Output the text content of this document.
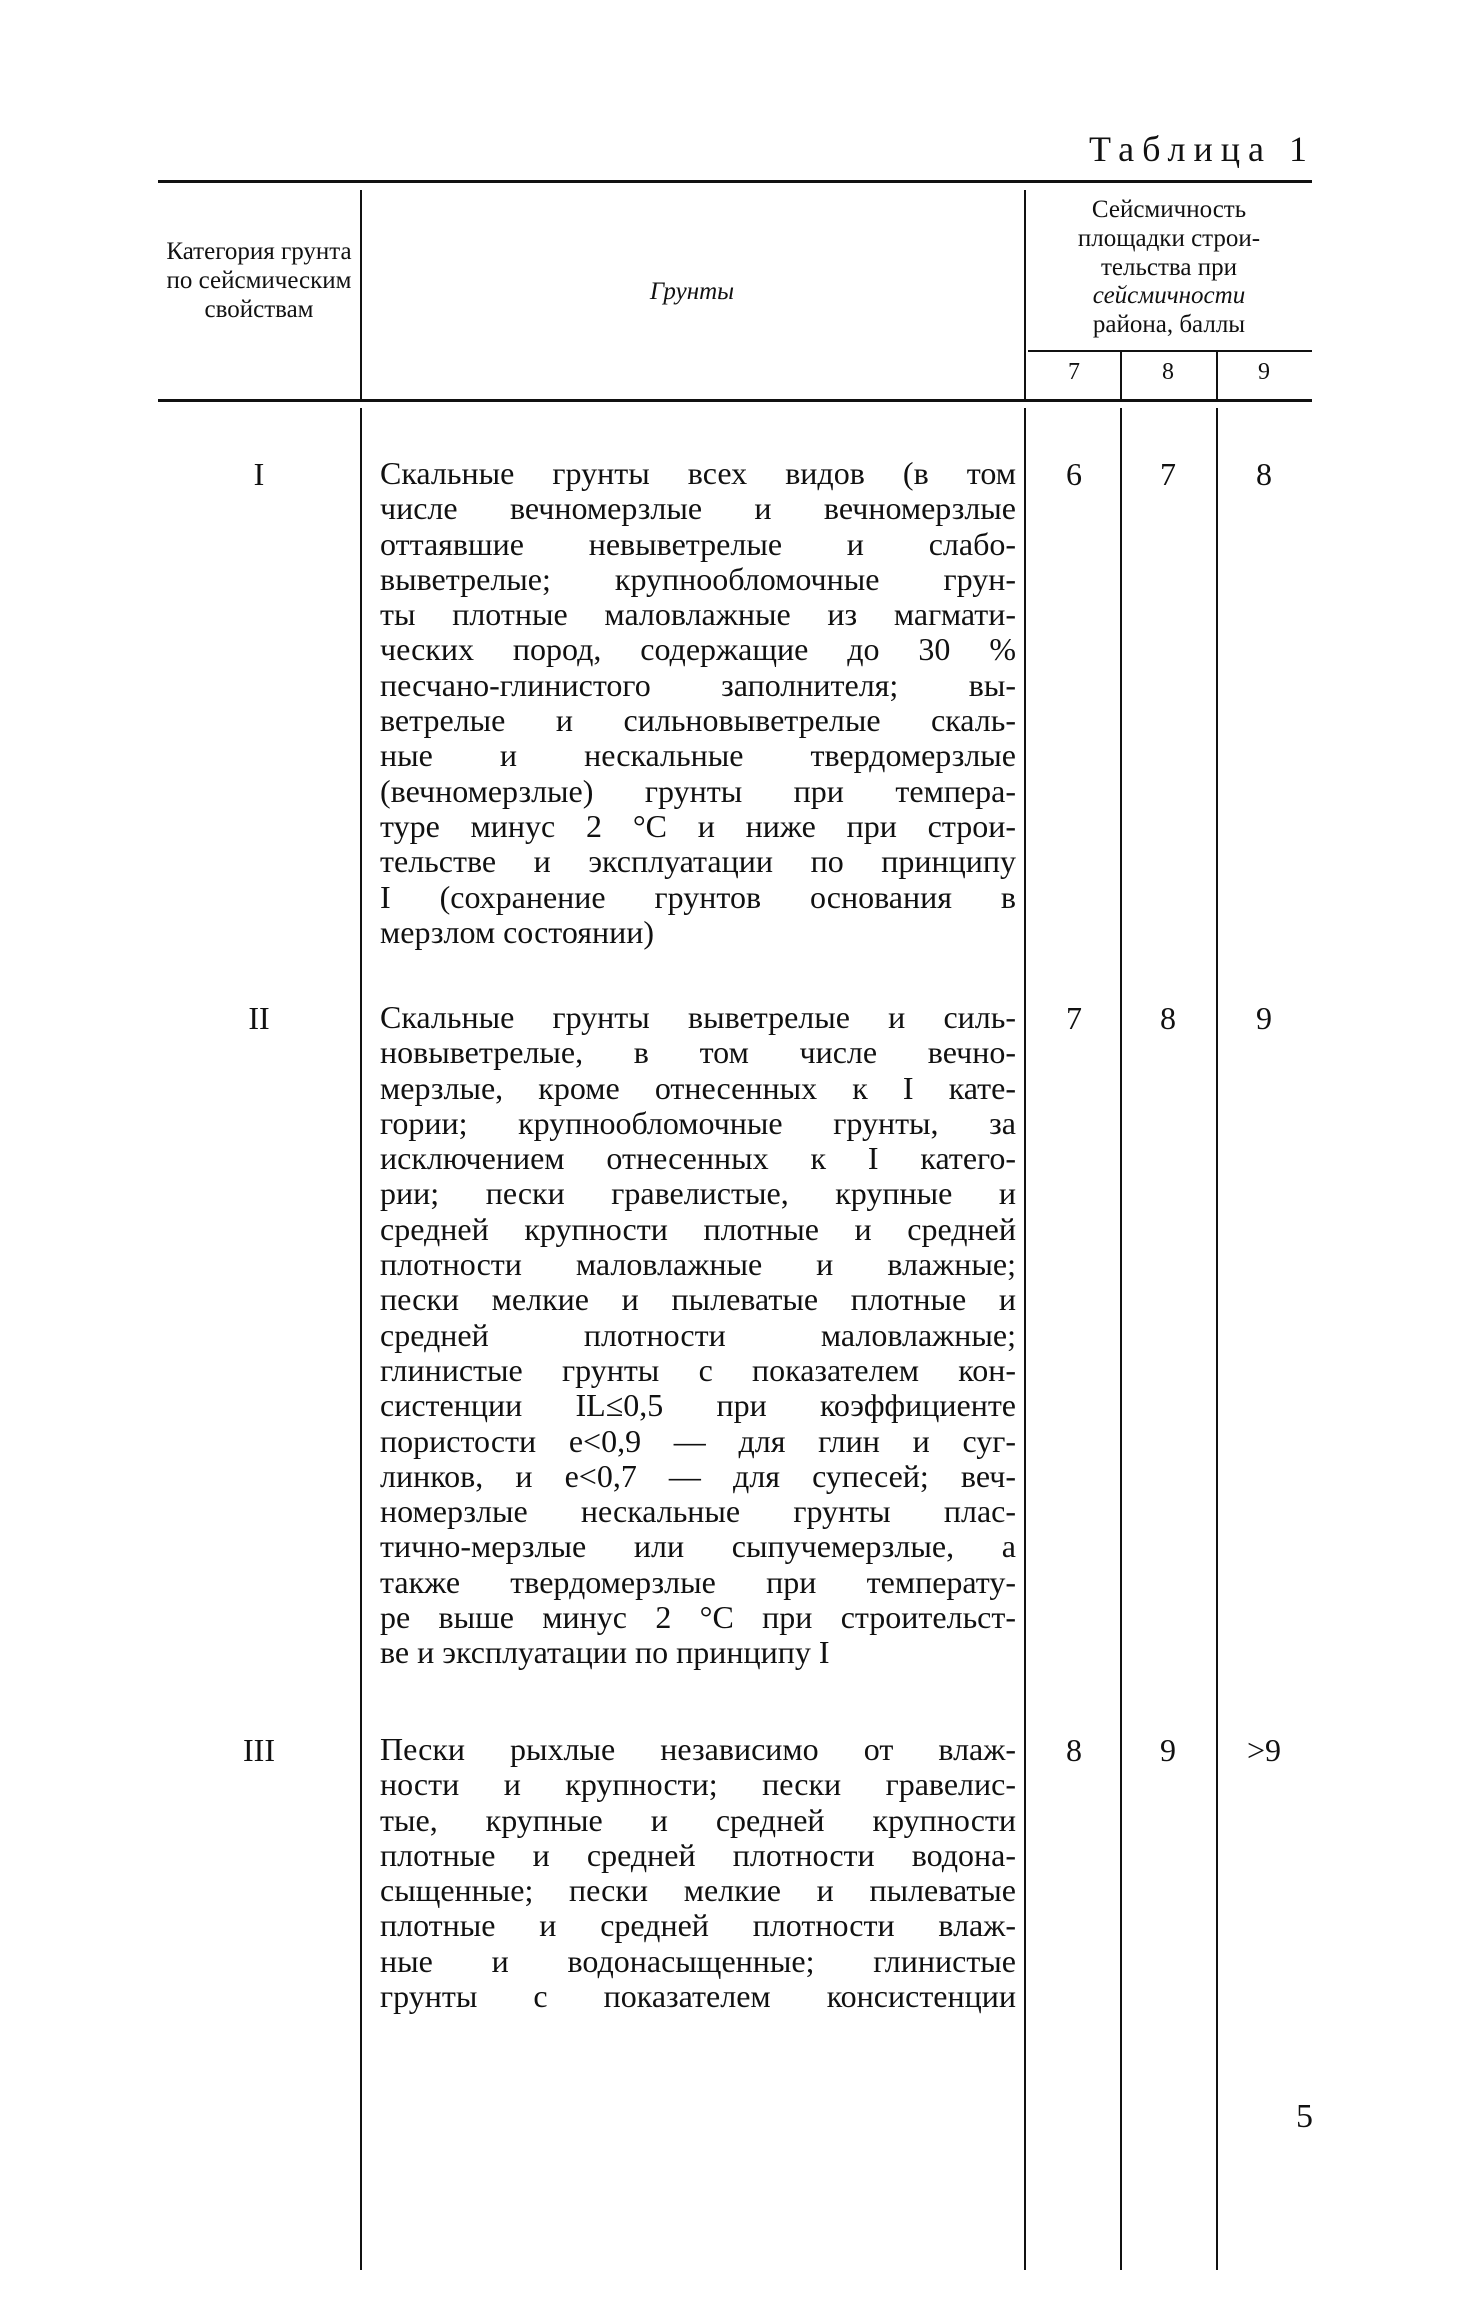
Таблица 1
Категория грунта по сейсмическим свойствам
Грунты
Сейсмичность
площадки строи-
тельства при
сейсмичности
района, баллы
7	8	9
I	Скальные грунты всех видов (в том
числе вечномерзлые и вечномерзлые
оттаявшие невыветрелые и слабо-
выветрелые; крупнообломочные грун-
ты плотные маловлажные из магмати-
ческих пород, содержащие до 30 %
песчано-глинистого заполнителя; вы-
ветрелые и сильновыветрелые скаль-
ные и нескальные твердомерзлые
(вечномерзлые) грунты при темпера-
туре минус 2 °С и ниже при строи-
тельстве и эксплуатации по принципу
I (сохранение грунтов основания в
мерзлом состоянии)
6	7	8
II	Скальные грунты выветрелые и силь-
новыветрелые, в том числе вечно-
мерзлые, кроме отнесенных к I кате-
гории; крупнообломочные грунты, за
исключением отнесенных к I катего-
рии; пески гравелистые, крупные и
средней крупности плотные и средней
плотности маловлажные и влажные;
пески мелкие и пылеватые плотные и
средней плотности маловлажные;
глинистые грунты с показателем кон-
систенции IL≤0,5 при коэффициенте
пористости e<0,9 — для глин и суг-
линков, и e<0,7 — для супесей; веч-
номерзлые нескальные грунты плас-
тично-мерзлые или сыпучемерзлые, а
также твердомерзлые при температу-
ре выше минус 2 °С при строительст-
ве и эксплуатации по принципу I
7	8	9
III	Пески рыхлые независимо от влаж-
ности и крупности; пески гравелис-
тые, крупные и средней крупности
плотные и средней плотности водона-
сыщенные; пески мелкие и пылеватые
плотные и средней плотности влаж-
ные и водонасыщенные; глинистые
грунты с показателем консистенции
8	9	>9
5
